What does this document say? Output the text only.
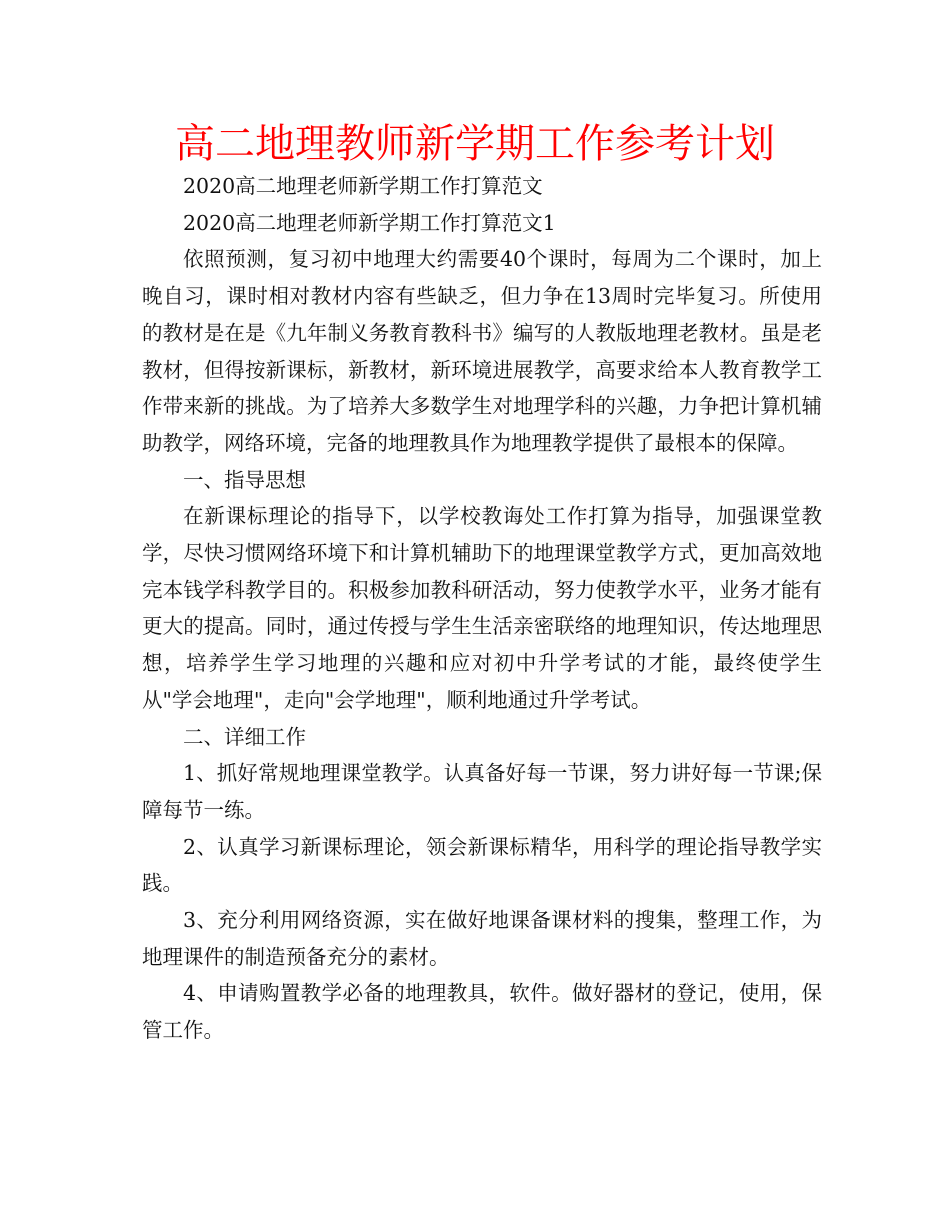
高二地理教师新学期工作参考计划

2020高二地理老师新学期工作打算范文

2020高二地理老师新学期工作打算范文1

依照预测，复习初中地理大约需要40个课时，每周为二个课时，加上晚自习，课时相对教材内容有些缺乏，但力争在13周时完毕复习。所使用的教材是在是《九年制义务教育教科书》编写的人教版地理老教材。虽是老教材，但得按新课标，新教材，新环境进展教学，高要求给本人教育教学工作带来新的挑战。为了培养大多数学生对地理学科的兴趣，力争把计算机辅助教学，网络环境，完备的地理教具作为地理教学提供了最根本的保障。

一、指导思想

在新课标理论的指导下，以学校教诲处工作打算为指导，加强课堂教学，尽快习惯网络环境下和计算机辅助下的地理课堂教学方式，更加高效地完本钱学科教学目的。积极参加教科研活动，努力使教学水平，业务才能有更大的提高。同时，通过传授与学生生活亲密联络的地理知识，传达地理思想，培养学生学习地理的兴趣和应对初中升学考试的才能，最终使学生从"学会地理"，走向"会学地理"，顺利地通过升学考试。

二、详细工作

1、抓好常规地理课堂教学。认真备好每一节课，努力讲好每一节课;保障每节一练。

2、认真学习新课标理论，领会新课标精华，用科学的理论指导教学实践。

3、充分利用网络资源，实在做好地课备课材料的搜集，整理工作，为地理课件的制造预备充分的素材。

4、申请购置教学必备的地理教具，软件。做好器材的登记，使用，保管工作。
